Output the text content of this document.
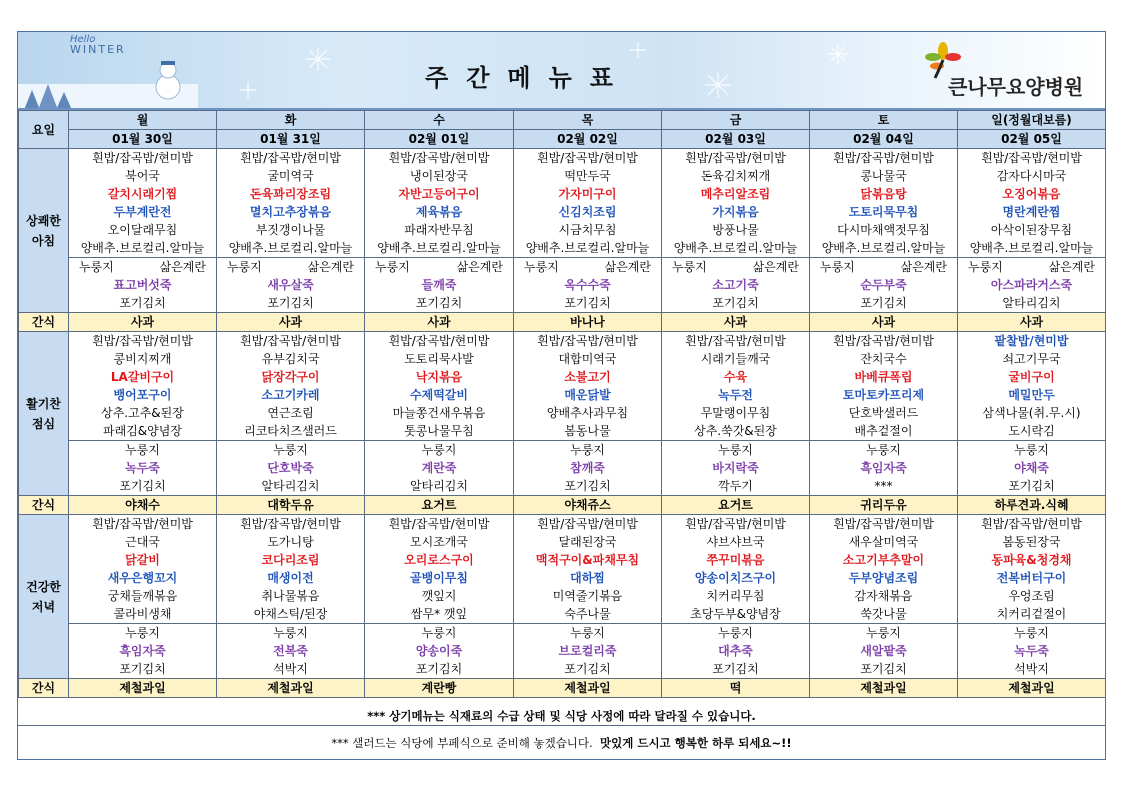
Hello
WINTER
주간메뉴표	큰나무요양병원
요일	월	화	수	목	금	토	일(정월대보름)
	01월 30일	01월 31일	02월 01일	02월 02일	02월 03일	02월 04일	02월 05일
상쾌한 아침	흰밥/잡곡밥/현미밥	흰밥/잡곡밥/현미밥	흰밥/잡곡밥/현미밥	흰밥/잡곡밥/현미밥	흰밥/잡곡밥/현미밥	흰밥/잡곡밥/현미밥	흰밥/잡곡밥/현미밥
	북어국	굴미역국	냉이된장국	떡만두국	돈육김치찌개	콩나물국	감자다시마국
	갈치시래기찜	돈육꽈리장조림	자반고등어구이	가자미구이	메추리알조림	닭볶음탕	오징어볶음
	두부계란전	멸치고추장볶음	제육볶음	신김치조림	가지볶음	도토리묵무침	명란계란찜
	오이달래무침	부짓갱이나물	파래자반무침	시금치무침	방풍나물	다시마채액젓무침	아삭이된장무침
	양배추.브로컬리.알마늘	양배추.브로컬리.알마늘	양배추.브로컬리.알마늘	양배추.브로컬리.알마늘	양배추.브로컬리.알마늘	양배추.브로컬리.알마늘	양배추.브로컬리.알마늘

	누룽지 삶은계란	누룽지 삶은계란	누룽지 삶은계란	누룽지 삶은계란	누룽지 삶은계란	누룽지 삶은계란	누룽지 삶은계란

	표고버섯죽	새우살죽	들깨죽	옥수수죽	소고기죽	순두부죽	아스파라거스죽
	포기김치	포기김치	포기김치	포기김치	포기김치	포기김치	알타리김치
간식	사과	사과	사과	바나나	사과	사과	사과
활기찬 점심	흰밥/잡곡밥/현미밥	흰밥/잡곡밥/현미밥	흰밥/잡곡밥/현미밥	흰밥/잡곡밥/현미밥	흰밥/잡곡밥/현미밥	흰밥/잡곡밥/현미밥	팥찰밥/현미밥
	콩비지찌개	유부김치국	도토리묵사발	대합미역국	시래기들깨국	잔치국수	쇠고기무국
	LA갈비구이	닭장각구이	낙지볶음	소불고기	수육	바베큐폭립	굴비구이
	뱅어포구이	소고기카레	수제떡갈비	매운닭발	녹두전	토마토카프리제	메밀만두
	상추.고추&된장	연근조림	마늘쫑건새우볶음	양배추사과무침	무말랭이무침	단호박샐러드	삼색나물(취.무.시)
	파래김&양념장	리코타치즈샐러드	톳콩나물무침	봄동나물	상추.쑥갓&된장	배추겉절이	도시락김
	누룽지	누룽지	누룽지	누룽지	누룽지	누룽지	누룽지
	녹두죽	단호박죽	계란죽	참깨죽	바지락죽	흑임자죽	야채죽
	포기김치	알타리김치	알타리김치	포기김치	깍두기	***	포기김치
간식	야채수	대학두유	요거트	야채쥬스	요거트	귀리두유	하루견과.식혜
건강한 저녁	흰밥/잡곡밥/현미밥	흰밥/잡곡밥/현미밥	흰밥/잡곡밥/현미밥	흰밥/잡곡밥/현미밥	흰밥/잡곡밥/현미밥	흰밥/잡곡밥/현미밥	흰밥/잡곡밥/현미밥
	근대국	도가니탕	모시조개국	달래된장국	샤브샤브국	새우살미역국	봄동된장국
	닭갈비	코다리조림	오리로스구이	맥적구이&파채무침	쭈꾸미볶음	소고기부추말이	동파육&청경채
	새우은행꼬지	매생이전	골뱅이무침	대하찜	양송이치즈구이	두부양념조림	전복버터구이
	궁채들깨볶음	취나물볶음	깻잎지	미역줄기볶음	치커리무침	감자채볶음	우엉조림
	콜라비생채	야채스틱/된장	쌈무* 깻잎	숙주나물	초당두부&양념장	쑥갓나물	치커리겉절이
	누룽지	누룽지	누룽지	누룽지	누룽지	누룽지	누룽지
	흑임자죽	전복죽	양송이죽	브로컬리죽	대추죽	새알팥죽	녹두죽
	포기김치	석박지	포기김치	포기김치	포기김치	포기김치	석박지
간식	제철과일	제철과일	계란빵	제철과일	떡	제철과일	제철과일
*** 상기메뉴는 식재료의 수급 상태 및 식당 사정에 따라 달라질 수 있습니다.
*** 샐러드는 식당에 부페식으로 준비해 놓겠습니다. 맛있게 드시고 행복한 하루 되세요~!!
